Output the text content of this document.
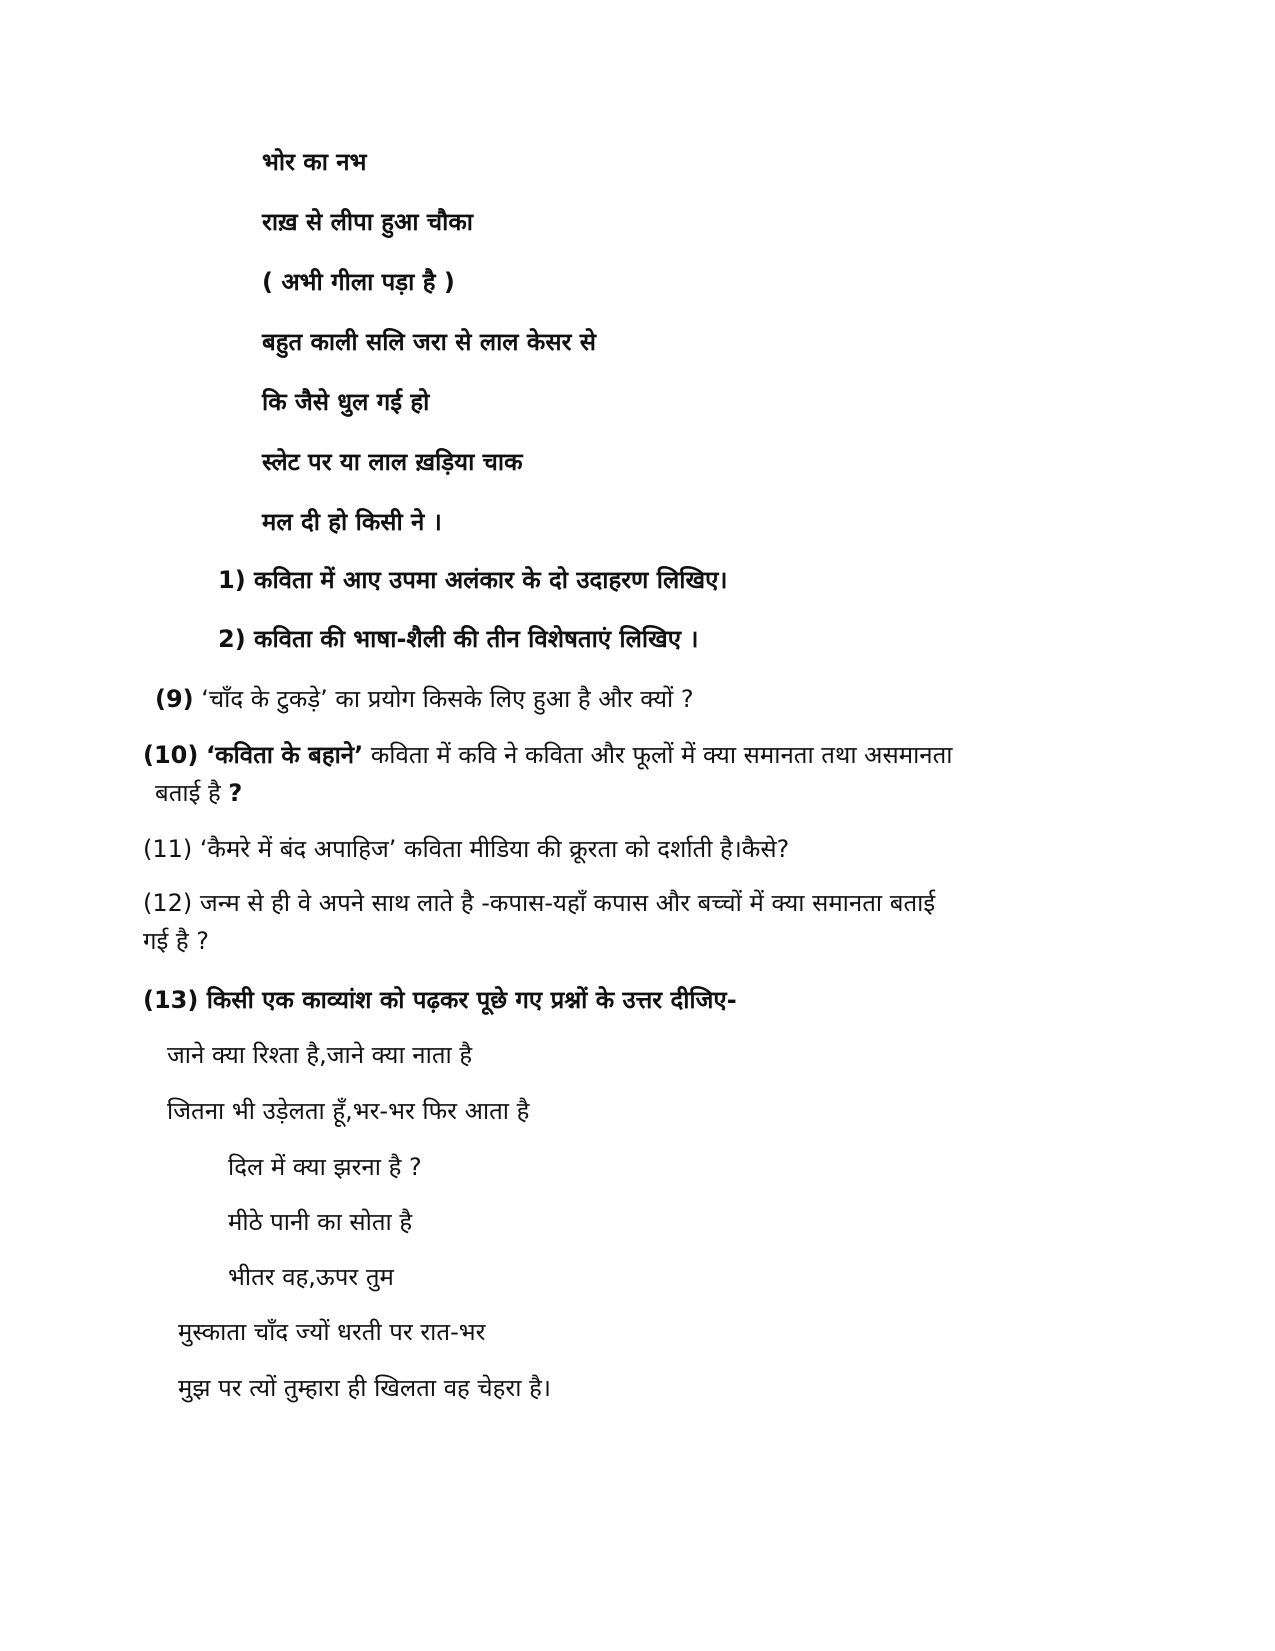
भोर का नभ
राख़ से लीपा हुआ चौका
( अभी गीला पड़ा है )
बहुत काली सलि जरा से लाल केसर से
कि जैसे धुल गई हो
स्लेट पर या लाल ख़ड़िया चाक
मल दी हो किसी ने ।
1) कविता में आए उपमा अलंकार के दो उदाहरण लिखिए।
2) कविता की भाषा-शैली की तीन विशेषताएं लिखिए ।
(9) ‘चाँद के टुकड़े’ का प्रयोग किसके लिए हुआ है और क्यों ?
(10) ‘कविता के बहाने’ कविता में कवि ने कविता और फूलों में क्या समानता तथा असमानता
बताई है ?
(11) ‘कैमरे में बंद अपाहिज’ कविता मीडिया की क्रूरता को दर्शाती है।कैसे?
(12) जन्म से ही वे अपने साथ लाते है -कपास-यहाँ कपास और बच्चों में क्या समानता बताई
गई है ?
(13) किसी एक काव्यांश को पढ़कर पूछे गए प्रश्नों के उत्तर दीजिए-
जाने क्या रिश्ता है,जाने क्या नाता है
जितना भी उड़ेलता हूँ,भर-भर फिर आता है
दिल में क्या झरना है ?
मीठे पानी का सोता है
भीतर वह,ऊपर तुम
मुस्काता चाँद ज्यों धरती पर रात-भर
मुझ पर त्यों तुम्हारा ही खिलता वह चेहरा है।
